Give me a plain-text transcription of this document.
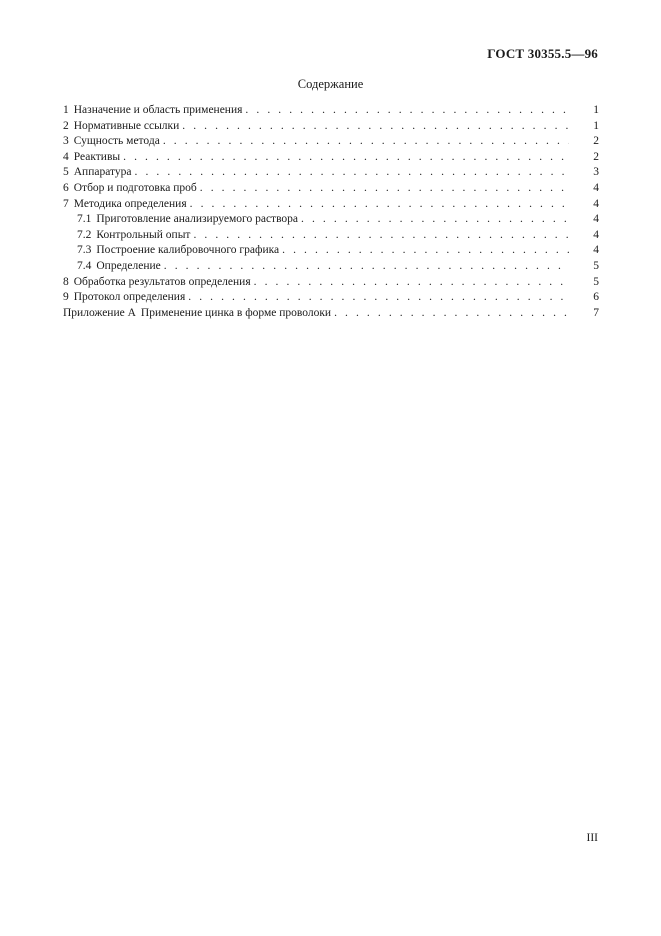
ГОСТ 30355.5—96
Содержание
1 Назначение и область применения . . .	1
2 Нормативные ссылки . . .	1
3 Сущность метода . . .	2
4 Реактивы . . .	2
5 Аппаратура . . .	3
6 Отбор и подготовка проб . . .	4
7 Методика определения . . .	4
7.1 Приготовление анализируемого раствора . . .	4
7.2 Контрольный опыт . . .	4
7.3 Построение калибровочного графика . . .	4
7.4 Определение . . .	5
8 Обработка результатов определения . . .	5
9 Протокол определения . . .	6
Приложение А Применение цинка в форме проволоки . . .	7
III
